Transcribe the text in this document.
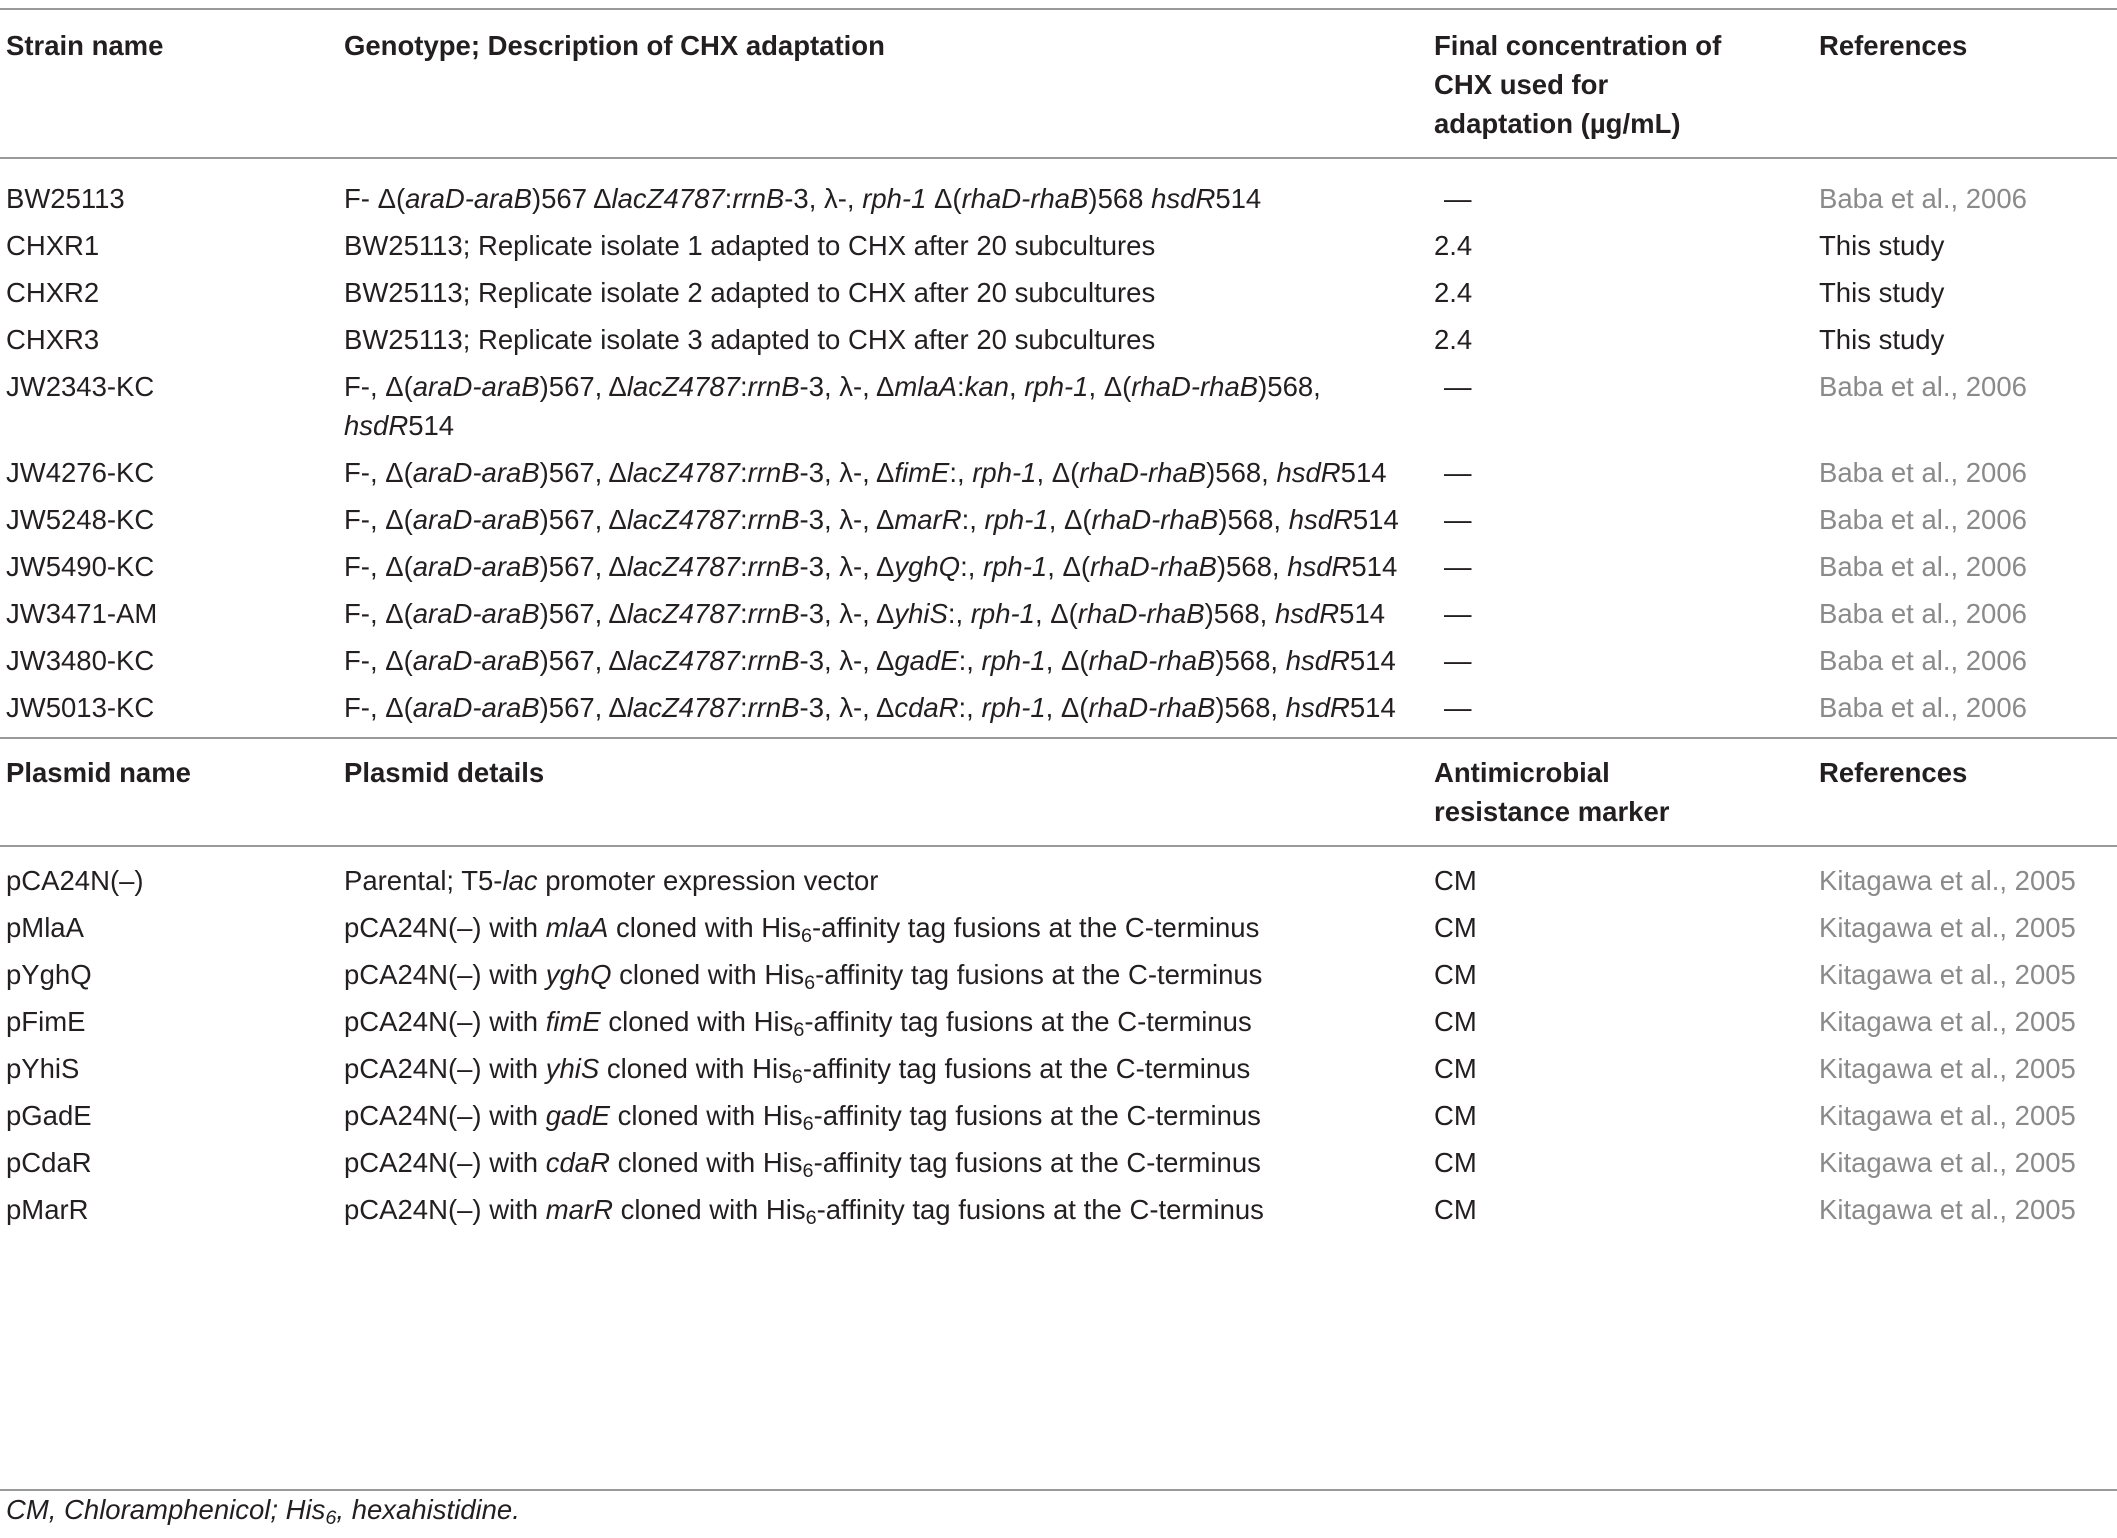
Strain name	Genotype; Description of CHX adaptation	Final concentration of CHX used for adaptation (µg/mL)	References
BW25113	F- Δ(araD-araB)567 ΔlacZ4787:rrnB-3, λ-, rph-1 Δ(rhaD-rhaB)568 hsdR514	—	Baba et al., 2006
CHXR1	BW25113; Replicate isolate 1 adapted to CHX after 20 subcultures	2.4	This study
CHXR2	BW25113; Replicate isolate 2 adapted to CHX after 20 subcultures	2.4	This study
CHXR3	BW25113; Replicate isolate 3 adapted to CHX after 20 subcultures	2.4	This study
JW2343-KC	F-, Δ(araD-araB)567, ΔlacZ4787:rrnB-3, λ-, ΔmlaA:kan, rph-1, Δ(rhaD-rhaB)568, hsdR514	—	Baba et al., 2006
JW4276-KC	F-, Δ(araD-araB)567, ΔlacZ4787:rrnB-3, λ-, ΔfimE:, rph-1, Δ(rhaD-rhaB)568, hsdR514	—	Baba et al., 2006
JW5248-KC	F-, Δ(araD-araB)567, ΔlacZ4787:rrnB-3, λ-, ΔmarR:, rph-1, Δ(rhaD-rhaB)568, hsdR514	—	Baba et al., 2006
JW5490-KC	F-, Δ(araD-araB)567, ΔlacZ4787:rrnB-3, λ-, ΔyghQ:, rph-1, Δ(rhaD-rhaB)568, hsdR514	—	Baba et al., 2006
JW3471-AM	F-, Δ(araD-araB)567, ΔlacZ4787:rrnB-3, λ-, ΔyhiS:, rph-1, Δ(rhaD-rhaB)568, hsdR514	—	Baba et al., 2006
JW3480-KC	F-, Δ(araD-araB)567, ΔlacZ4787:rrnB-3, λ-, ΔgadE:, rph-1, Δ(rhaD-rhaB)568, hsdR514	—	Baba et al., 2006
JW5013-KC	F-, Δ(araD-araB)567, ΔlacZ4787:rrnB-3, λ-, ΔcdaR:, rph-1, Δ(rhaD-rhaB)568, hsdR514	—	Baba et al., 2006
Plasmid name	Plasmid details	Antimicrobial resistance marker	References
pCA24N(–)	Parental; T5-lac promoter expression vector	CM	Kitagawa et al., 2005
pMlaA	pCA24N(–) with mlaA cloned with His$_6$-affinity tag fusions at the C-terminus	CM	Kitagawa et al., 2005
pYghQ	pCA24N(–) with yghQ cloned with His$_6$-affinity tag fusions at the C-terminus	CM	Kitagawa et al., 2005
pFimE	pCA24N(–) with fimE cloned with His$_6$-affinity tag fusions at the C-terminus	CM	Kitagawa et al., 2005
pYhiS	pCA24N(–) with yhiS cloned with His$_6$-affinity tag fusions at the C-terminus	CM	Kitagawa et al., 2005
pGadE	pCA24N(–) with gadE cloned with His$_6$-affinity tag fusions at the C-terminus	CM	Kitagawa et al., 2005
pCdaR	pCA24N(–) with cdaR cloned with His$_6$-affinity tag fusions at the C-terminus	CM	Kitagawa et al., 2005
pMarR	pCA24N(–) with marR cloned with His$_6$-affinity tag fusions at the C-terminus	CM	Kitagawa et al., 2005
CM, Chloramphenicol; His$_6$, hexahistidine.
